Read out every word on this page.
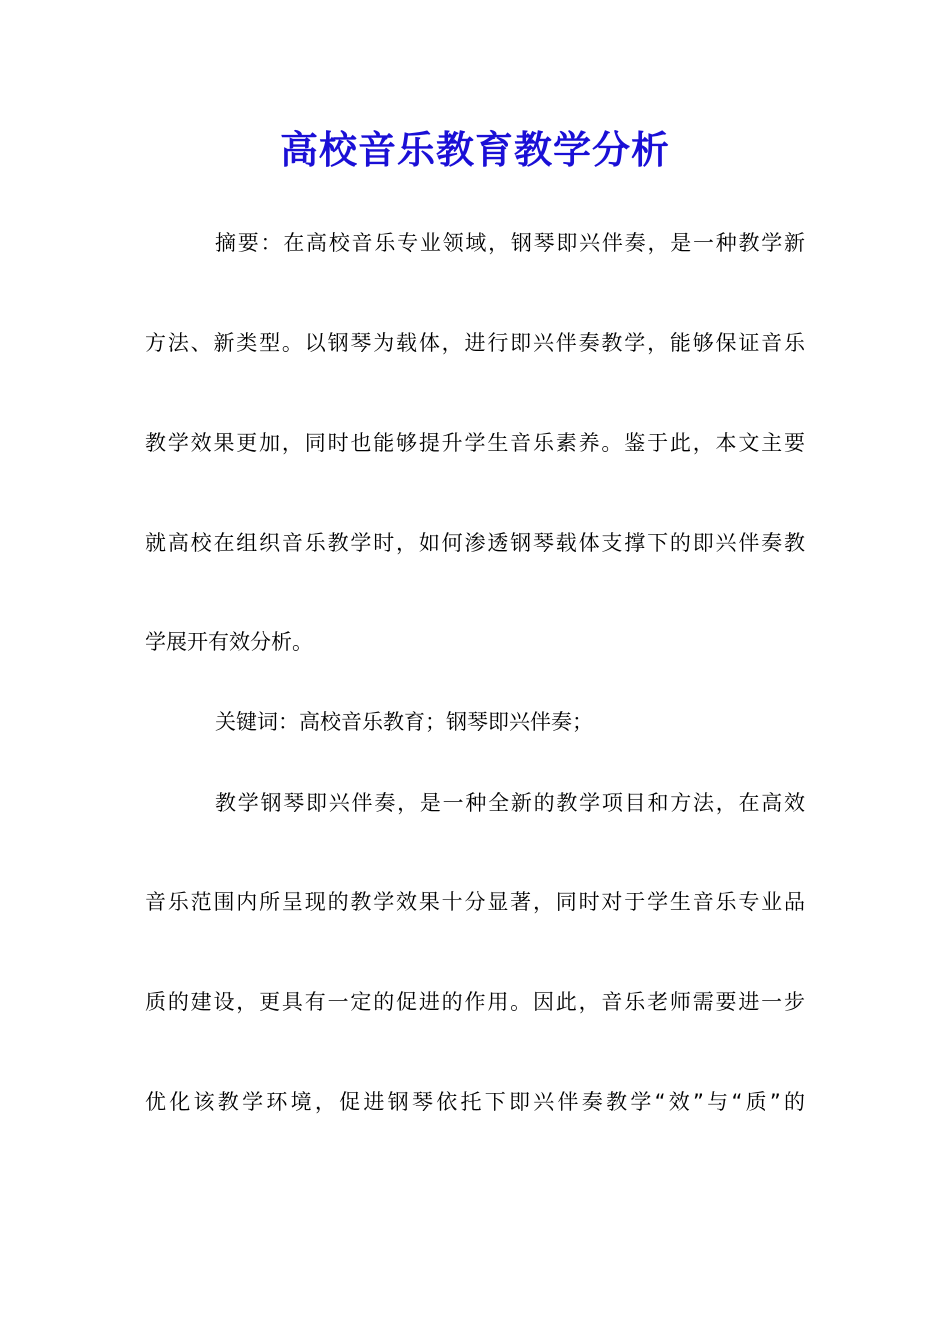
高校音乐教育教学分析
摘要：在高校音乐专业领域，钢琴即兴伴奏，是一种教学新
方法、新类型。以钢琴为载体，进行即兴伴奏教学，能够保证音乐
教学效果更加，同时也能够提升学生音乐素养。鉴于此，本文主要
就高校在组织音乐教学时，如何渗透钢琴载体支撑下的即兴伴奏教
学展开有效分析。
关键词：高校音乐教育；钢琴即兴伴奏；
教学钢琴即兴伴奏，是一种全新的教学项目和方法，在高效
音乐范围内所呈现的教学效果十分显著，同时对于学生音乐专业品
质的建设，更具有一定的促进的作用。因此，音乐老师需要进一步
优化该教学环境，促进钢琴依托下即兴伴奏教学“效”与“质”的
